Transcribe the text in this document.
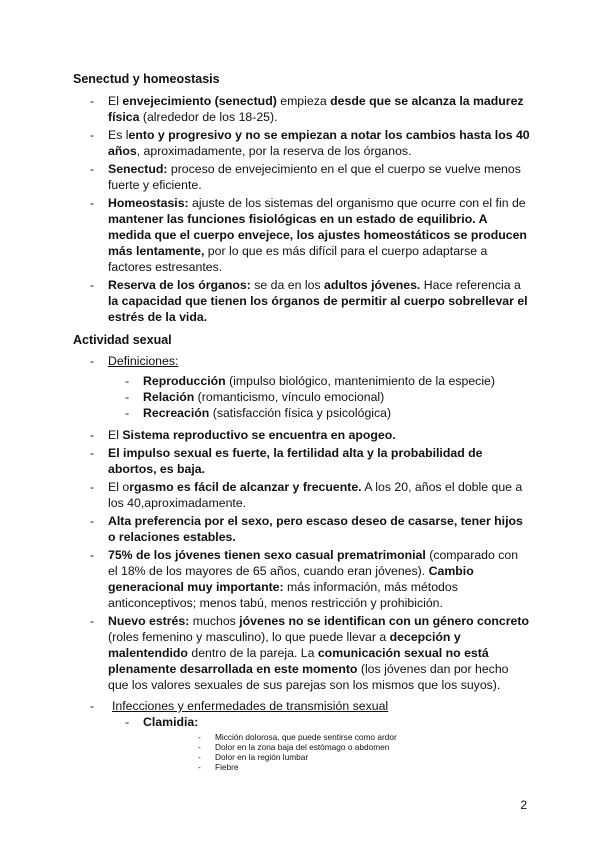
Senectud y homeostasis
- El envejecimiento (senectud) empieza desde que se alcanza la madurez física (alrededor de los 18-25).
- Es lento y progresivo y no se empiezan a notar los cambios hasta los 40 años, aproximadamente, por la reserva de los órganos.
- Senectud: proceso de envejecimiento en el que el cuerpo se vuelve menos fuerte y eficiente.
- Homeostasis: ajuste de los sistemas del organismo que ocurre con el fin de mantener las funciones fisiológicas en un estado de equilibrio. A medida que el cuerpo envejece, los ajustes homeostáticos se producen más lentamente, por lo que es más difícil para el cuerpo adaptarse a factores estresantes.
- Reserva de los órganos: se da en los adultos jóvenes. Hace referencia a la capacidad que tienen los órganos de permitir al cuerpo sobrellevar el estrés de la vida.
Actividad sexual
- Definiciones:
- Reproducción (impulso biológico, mantenimiento de la especie)
- Relación (romanticismo, vínculo emocional)
- Recreación (satisfacción física y psicológica)
- El Sistema reproductivo se encuentra en apogeo.
- El impulso sexual es fuerte, la fertilidad alta y la probabilidad de abortos, es baja.
- El orgasmo es fácil de alcanzar y frecuente. A los 20, años el doble que a los 40,aproximadamente.
- Alta preferencia por el sexo, pero escaso deseo de casarse, tener hijos o relaciones estables.
- 75% de los jóvenes tienen sexo casual prematrimonial (comparado con el 18% de los mayores de 65 años, cuando eran jóvenes). Cambio generacional muy importante: más información, más métodos anticonceptivos; menos tabú, menos restricción y prohibición.
- Nuevo estrés: muchos jóvenes no se identifican con un género concreto (roles femenino y masculino), lo que puede llevar a decepción y malentendido dentro de la pareja. La comunicación sexual no está plenamente desarrollada en este momento (los jóvenes dan por hecho que los valores sexuales de sus parejas son los mismos que los suyos).
- Infecciones y enfermedades de transmisión sexual
- Clamidia:
- Micción dolorosa, que puede sentirse como ardor
- Dolor en la zona baja del estómago o abdomen
- Dolor en la región lumbar
- Fiebre
2
